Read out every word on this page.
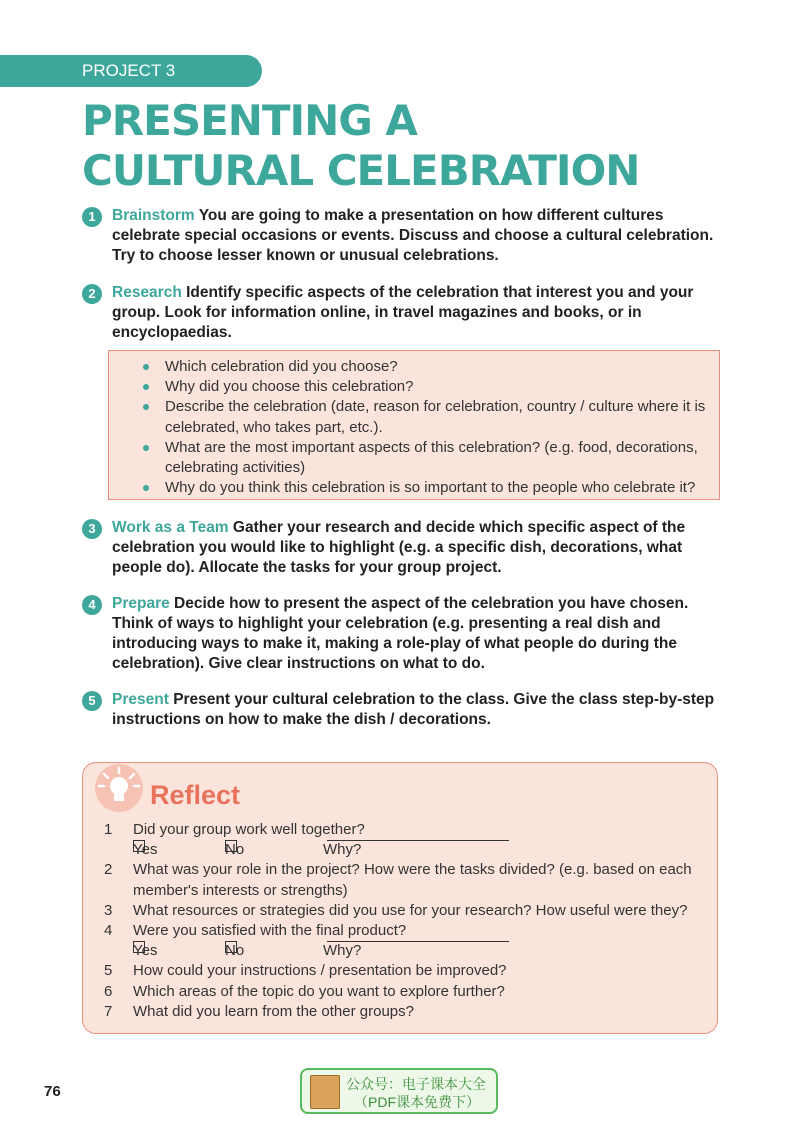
PROJECT 3
PRESENTING A CULTURAL CELEBRATION
1	Brainstorm You are going to make a presentation on how different cultures celebrate special occasions or events. Discuss and choose a cultural celebration. Try to choose lesser known or unusual celebrations.

2	Research Identify specific aspects of the celebration that interest you and your group. Look for information online, in travel magazines and books, or in encyclopaedias.

Which celebration did you choose?
Why did you choose this celebration?
Describe the celebration (date, reason for celebration, country / culture where it is celebrated, who takes part, etc.).
What are the most important aspects of this celebration? (e.g. food, decorations, celebrating activities)
Why do you think this celebration is so important to the people who celebrate it?
3	Work as a Team Gather your research and decide which specific aspect of the celebration you would like to highlight (e.g. a specific dish, decorations, what people do). Allocate the tasks for your group project.

4	Prepare Decide how to present the aspect of the celebration you have chosen. Think of ways to highlight your celebration (e.g. presenting a real dish and introducing ways to make it, making a role-play of what people do during the celebration). Give clear instructions on what to do.

5	Present Present your cultural celebration to the class. Give the class step-by-step instructions on how to make the dish / decorations.

Reflect
1 Did your group work well together?
Yes	No	Why?
2 What was your role in the project? How were the tasks divided? (e.g. based on each member's interests or strengths)
3 What resources or strategies did you use for your research? How useful were they?
4 Were you satisfied with the final product?
Yes	No	Why?
5 How could your instructions / presentation be improved?
6 Which areas of the topic do you want to explore further?
7 What did you learn from the other groups?
76	公众号：电子课本大全
（PDF课本免费下）
